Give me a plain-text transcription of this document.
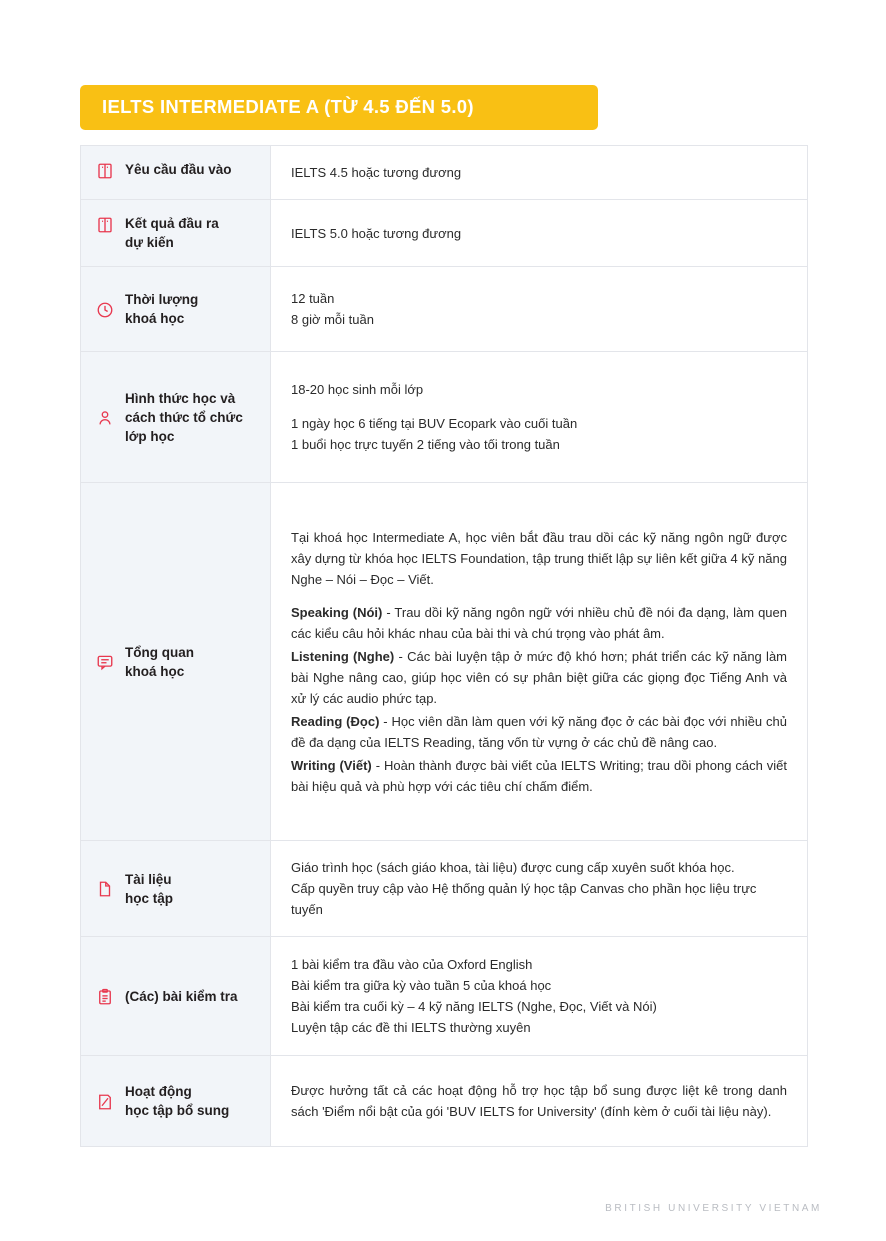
IELTS INTERMEDIATE A (TỪ 4.5 ĐẾN 5.0)
Yêu cầu đầu vào	IELTS 4.5 hoặc tương đương

Kết quả đầu ra
dự kiến

IELTS 5.0 hoặc tương đương

Thời lượng
khoá học

12 tuần

8 giờ mỗi tuần

Hình thức học và
cách thức tổ chức
lớp học

18-20 học sinh mỗi lớp

1 ngày học 6 tiếng tại BUV Ecopark vào cuối tuần

1 buổi học trực tuyến 2 tiếng vào tối trong tuần

Tổng quan
khoá học

Tại khoá học Intermediate A, học viên bắt đầu trau dồi các kỹ năng ngôn ngữ được xây dựng từ khóa học IELTS Foundation, tập trung thiết lập sự liên kết giữa 4 kỹ năng Nghe – Nói – Đọc – Viết.

Speaking (Nói) - Trau dồi kỹ năng ngôn ngữ với nhiều chủ đề nói đa dạng, làm quen các kiểu câu hỏi khác nhau của bài thi và chú trọng vào phát âm.

Listening (Nghe) - Các bài luyện tập ở mức độ khó hơn; phát triển các kỹ năng làm bài Nghe nâng cao, giúp học viên có sự phân biệt giữa các giọng đọc Tiếng Anh và xử lý các audio phức tạp.

Reading (Đọc) - Học viên dần làm quen với kỹ năng đọc ở các bài đọc với nhiều chủ đề đa dạng của IELTS Reading, tăng vốn từ vựng ở các chủ đề nâng cao.

Writing (Viết) - Hoàn thành được bài viết của IELTS Writing; trau dồi phong cách viết bài hiệu quả và phù hợp với các tiêu chí chấm điểm.

Tài liệu
học tập

Giáo trình học (sách giáo khoa, tài liệu) được cung cấp xuyên suốt khóa học.

Cấp quyền truy cập vào Hệ thống quản lý học tập Canvas cho phần học liệu trực tuyến

(Các) bài kiểm tra

1 bài kiểm tra đầu vào của Oxford English

Bài kiểm tra giữa kỳ vào tuần 5 của khoá học

Bài kiểm tra cuối kỳ – 4 kỹ năng IELTS (Nghe, Đọc, Viết và Nói)

Luyện tập các đề thi IELTS thường xuyên

Hoạt động
học tập bổ sung

Được hưởng tất cả các hoạt động hỗ trợ học tập bổ sung được liệt kê trong danh sách 'Điểm nổi bật của gói 'BUV IELTS for University' (đính kèm ở cuối tài liệu này).

BRITISH UNIVERSITY VIETNAM
